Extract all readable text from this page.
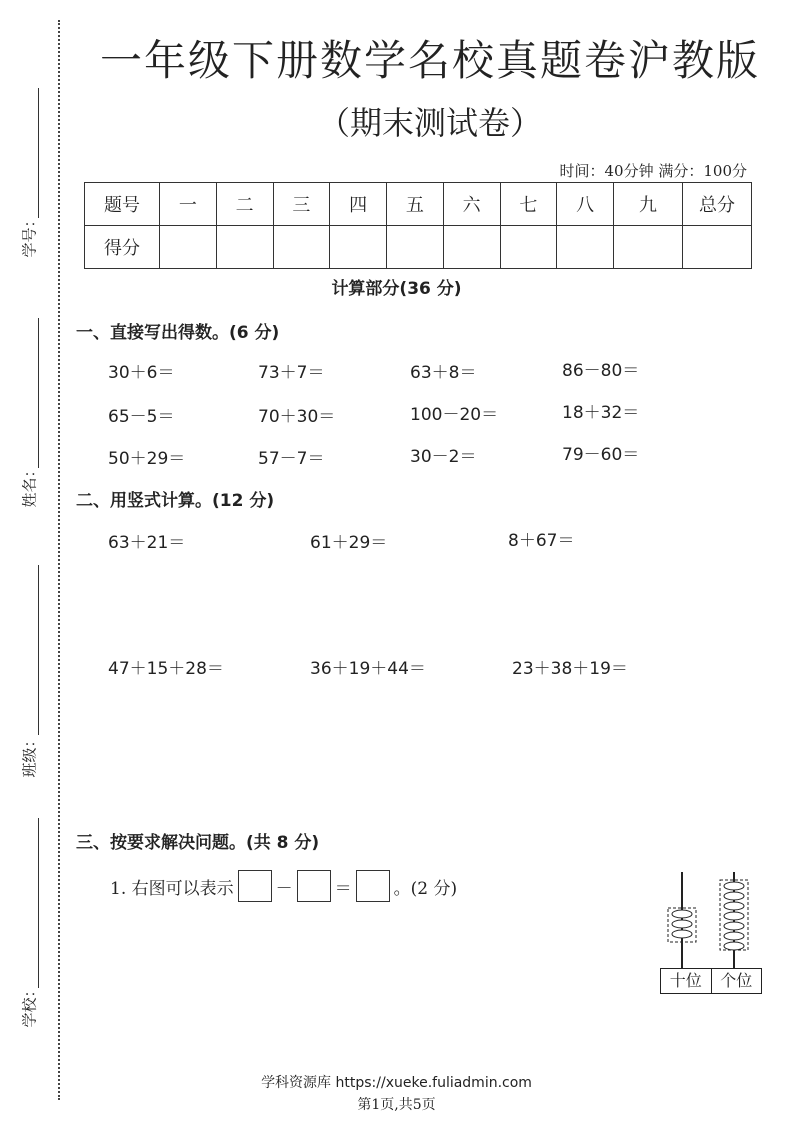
学号：
姓名：
班级：
学校：
一年级下册数学名校真题卷沪教版
（期末测试卷）
时间：40分钟 满分：100分
题号	一	二	三	四	五	六	七	八	九	总分
得分										
计算部分(36 分)
一、直接写出得数。(6 分)
30＋6＝	73＋7＝	63＋8＝	86－80＝
65－5＝	70＋30＝	100－20＝	18＋32＝
50＋29＝	57－7＝	30－2＝	79－60＝
二、用竖式计算。(12 分)
63＋21＝	61＋29＝	8＋67＝
47＋15＋28＝	36＋19＋44＝	23＋38＋19＝
三、按要求解决问题。(共 8 分)
1. 右图可以表示 － ＝ 。(2 分)
十位	个位
学科资源库 https://xueke.fuliadmin.com
第1页,共5页
